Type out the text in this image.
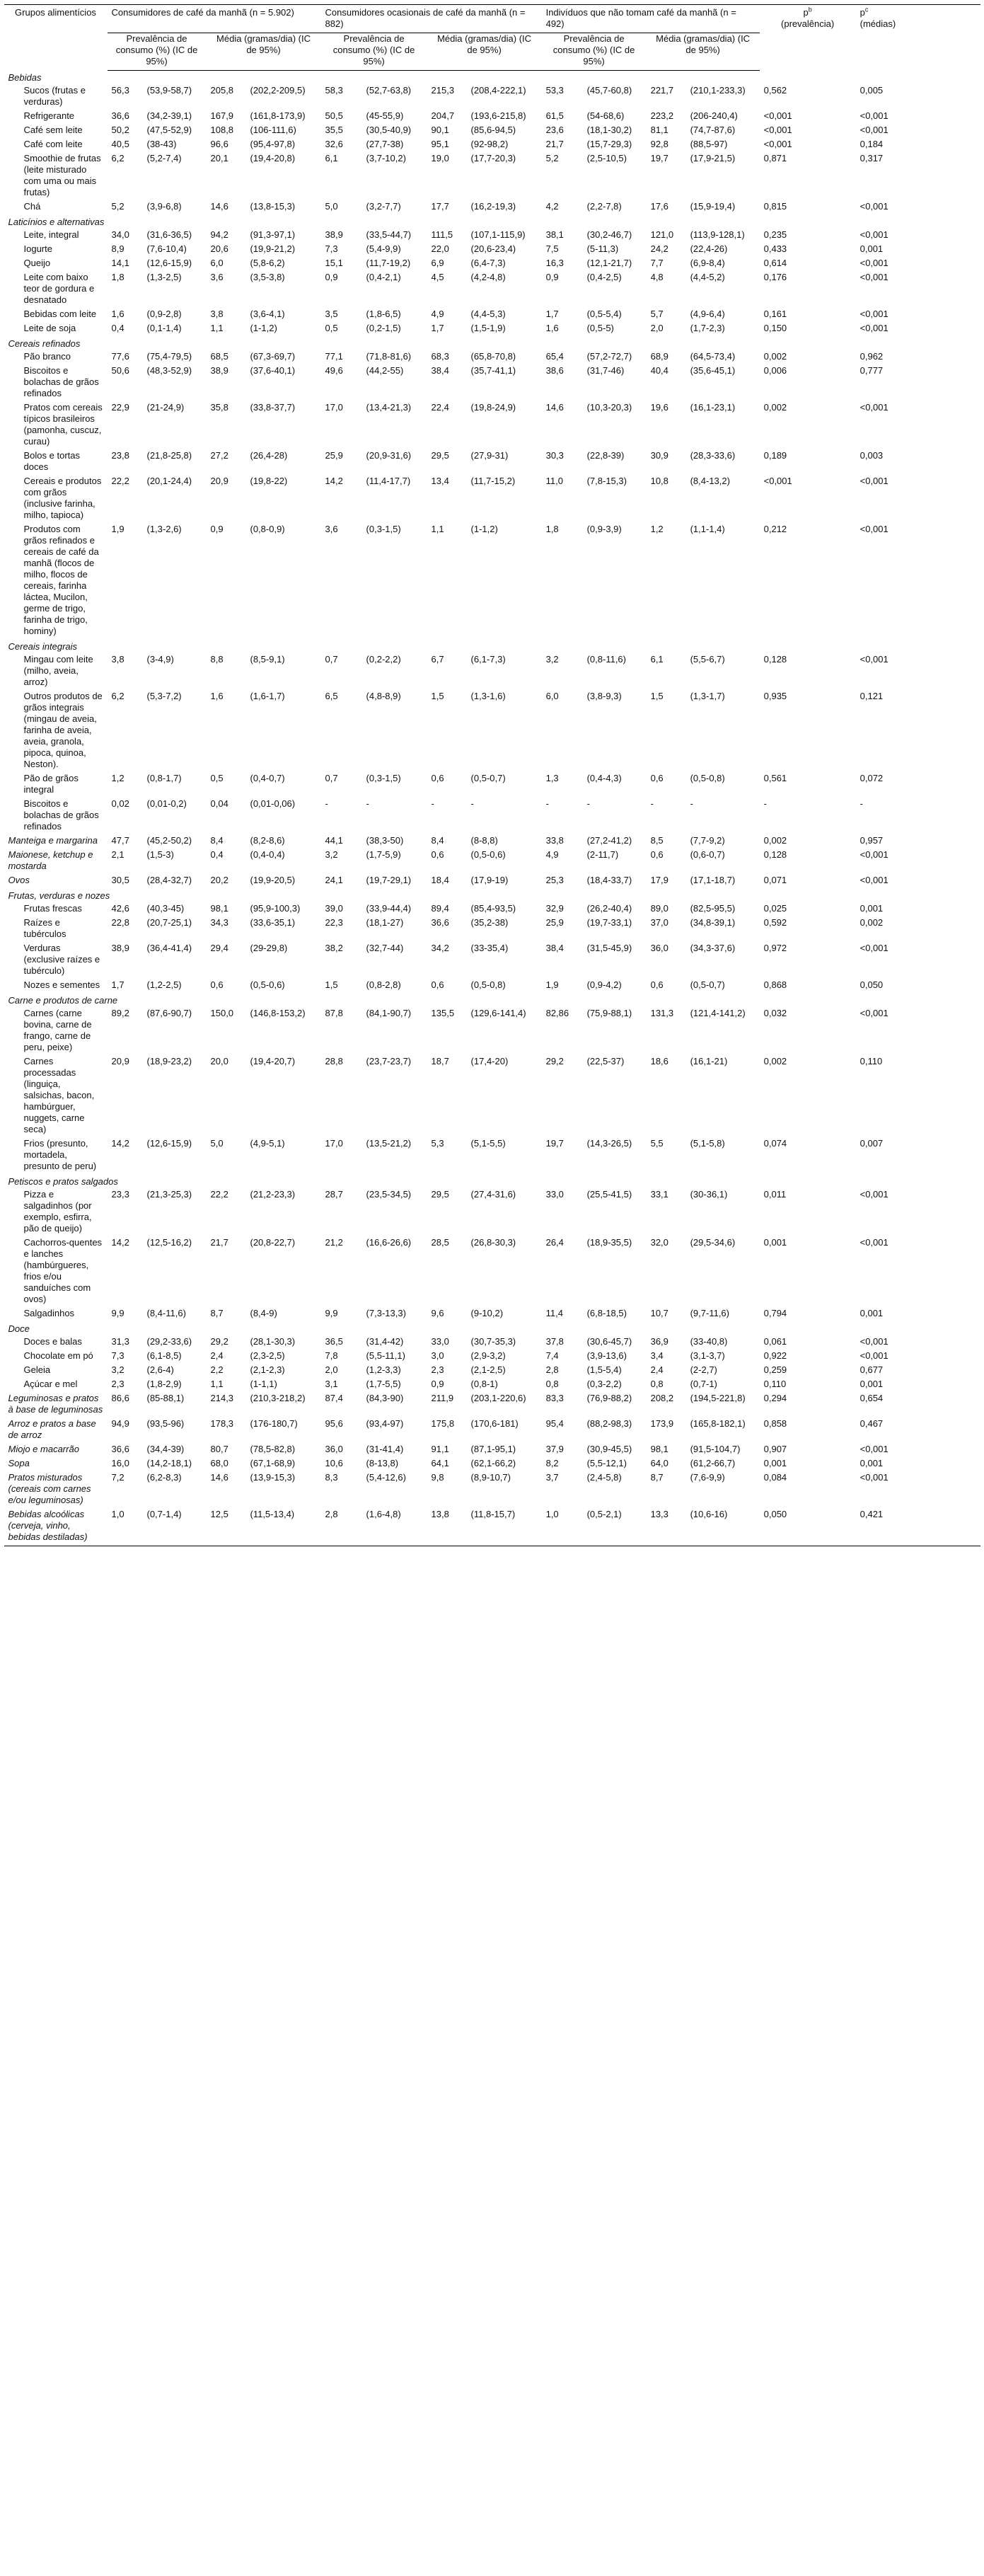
Grupos alimentícios	Consumidores de café da manhã (n = 5.902)				Consumidores ocasionais de café da manhã (n = 882)				Indivíduos que não tomam café da manhã (n = 492)				$p^b$
(prevalência)	$p^c$
(médias)
	Prevalência de consumo (%) (IC de 95%)		Média (gramas/dia) (IC de 95%)		Prevalência de consumo (%) (IC de 95%)		Média (gramas/dia) (IC de 95%)		Prevalência de consumo (%) (IC de 95%)		Média (gramas/dia) (IC de 95%)			
Bebidas														
Sucos (frutas e verduras)	56,3	(53,9-58,7)	205,8	(202,2-209,5)	58,3	(52,7-63,8)	215,3	(208,4-222,1)	53,3	(45,7-60,8)	221,7	(210,1-233,3)	0,562	0,005
Refrigerante	36,6	(34,2-39,1)	167,9	(161,8-173,9)	50,5	(45-55,9)	204,7	(193,6-215,8)	61,5	(54-68,6)	223,2	(206-240,4)	<0,001	<0,001
Café sem leite	50,2	(47,5-52,9)	108,8	(106-111,6)	35,5	(30,5-40,9)	90,1	(85,6-94,5)	23,6	(18,1-30,2)	81,1	(74,7-87,6)	<0,001	<0,001
Café com leite	40,5	(38-43)	96,6	(95,4-97,8)	32,6	(27,7-38)	95,1	(92-98,2)	21,7	(15,7-29,3)	92,8	(88,5-97)	<0,001	0,184
Smoothie de frutas (leite misturado com uma ou mais frutas)	6,2	(5,2-7,4)	20,1	(19,4-20,8)	6,1	(3,7-10,2)	19,0	(17,7-20,3)	5,2	(2,5-10,5)	19,7	(17,9-21,5)	0,871	0,317
Chá	5,2	(3,9-6,8)	14,6	(13,8-15,3)	5,0	(3,2-7,7)	17,7	(16,2-19,3)	4,2	(2,2-7,8)	17,6	(15,9-19,4)	0,815	<0,001
Laticínios e alternativas														
Leite, integral	34,0	(31,6-36,5)	94,2	(91,3-97,1)	38,9	(33,5-44,7)	111,5	(107,1-115,9)	38,1	(30,2-46,7)	121,0	(113,9-128,1)	0,235	<0,001
Iogurte	8,9	(7,6-10,4)	20,6	(19,9-21,2)	7,3	(5,4-9,9)	22,0	(20,6-23,4)	7,5	(5-11,3)	24,2	(22,4-26)	0,433	0,001
Queijo	14,1	(12,6-15,9)	6,0	(5,8-6,2)	15,1	(11,7-19,2)	6,9	(6,4-7,3)	16,3	(12,1-21,7)	7,7	(6,9-8,4)	0,614	<0,001
Leite com baixo teor de gordura e desnatado	1,8	(1,3-2,5)	3,6	(3,5-3,8)	0,9	(0,4-2,1)	4,5	(4,2-4,8)	0,9	(0,4-2,5)	4,8	(4,4-5,2)	0,176	<0,001
Bebidas com leite	1,6	(0,9-2,8)	3,8	(3,6-4,1)	3,5	(1,8-6,5)	4,9	(4,4-5,3)	1,7	(0,5-5,4)	5,7	(4,9-6,4)	0,161	<0,001
Leite de soja	0,4	(0,1-1,4)	1,1	(1-1,2)	0,5	(0,2-1,5)	1,7	(1,5-1,9)	1,6	(0,5-5)	2,0	(1,7-2,3)	0,150	<0,001
Cereais refinados														
Pão branco	77,6	(75,4-79,5)	68,5	(67,3-69,7)	77,1	(71,8-81,6)	68,3	(65,8-70,8)	65,4	(57,2-72,7)	68,9	(64,5-73,4)	0,002	0,962
Biscoitos e bolachas de grãos refinados	50,6	(48,3-52,9)	38,9	(37,6-40,1)	49,6	(44,2-55)	38,4	(35,7-41,1)	38,6	(31,7-46)	40,4	(35,6-45,1)	0,006	0,777
Pratos com cereais típicos brasileiros (pamonha, cuscuz, curau)	22,9	(21-24,9)	35,8	(33,8-37,7)	17,0	(13,4-21,3)	22,4	(19,8-24,9)	14,6	(10,3-20,3)	19,6	(16,1-23,1)	0,002	<0,001
Bolos e tortas doces	23,8	(21,8-25,8)	27,2	(26,4-28)	25,9	(20,9-31,6)	29,5	(27,9-31)	30,3	(22,8-39)	30,9	(28,3-33,6)	0,189	0,003
Cereais e produtos com grãos (inclusive farinha, milho, tapioca)	22,2	(20,1-24,4)	20,9	(19,8-22)	14,2	(11,4-17,7)	13,4	(11,7-15,2)	11,0	(7,8-15,3)	10,8	(8,4-13,2)	<0,001	<0,001
Produtos com grãos refinados e cereais de café da manhã (flocos de milho, flocos de cereais, farinha láctea, Mucilon, germe de trigo, farinha de trigo, hominy)	1,9	(1,3-2,6)	0,9	(0,8-0,9)	3,6	(0,3-1,5)	1,1	(1-1,2)	1,8	(0,9-3,9)	1,2	(1,1-1,4)	0,212	<0,001
Cereais integrais														
Mingau com leite (milho, aveia, arroz)	3,8	(3-4,9)	8,8	(8,5-9,1)	0,7	(0,2-2,2)	6,7	(6,1-7,3)	3,2	(0,8-11,6)	6,1	(5,5-6,7)	0,128	<0,001
Outros produtos de grãos integrais (mingau de aveia, farinha de aveia, aveia, granola, pipoca, quinoa, Neston).	6,2	(5,3-7,2)	1,6	(1,6-1,7)	6,5	(4,8-8,9)	1,5	(1,3-1,6)	6,0	(3,8-9,3)	1,5	(1,3-1,7)	0,935	0,121
Pão de grãos integral	1,2	(0,8-1,7)	0,5	(0,4-0,7)	0,7	(0,3-1,5)	0,6	(0,5-0,7)	1,3	(0,4-4,3)	0,6	(0,5-0,8)	0,561	0,072
Biscoitos e bolachas de grãos refinados	0,02	(0,01-0,2)	0,04	(0,01-0,06)	-	-	-	-	-	-	-	-	-	-
Manteiga e margarina	47,7	(45,2-50,2)	8,4	(8,2-8,6)	44,1	(38,3-50)	8,4	(8-8,8)	33,8	(27,2-41,2)	8,5	(7,7-9,2)	0,002	0,957
Maionese, ketchup e mostarda	2,1	(1,5-3)	0,4	(0,4-0,4)	3,2	(1,7-5,9)	0,6	(0,5-0,6)	4,9	(2-11,7)	0,6	(0,6-0,7)	0,128	<0,001
Ovos	30,5	(28,4-32,7)	20,2	(19,9-20,5)	24,1	(19,7-29,1)	18,4	(17,9-19)	25,3	(18,4-33,7)	17,9	(17,1-18,7)	0,071	<0,001
Frutas, verduras e nozes														
Frutas frescas	42,6	(40,3-45)	98,1	(95,9-100,3)	39,0	(33,9-44,4)	89,4	(85,4-93,5)	32,9	(26,2-40,4)	89,0	(82,5-95,5)	0,025	0,001
Raízes e tubérculos	22,8	(20,7-25,1)	34,3	(33,6-35,1)	22,3	(18,1-27)	36,6	(35,2-38)	25,9	(19,7-33,1)	37,0	(34,8-39,1)	0,592	0,002
Verduras (exclusive raízes e tubérculo)	38,9	(36,4-41,4)	29,4	(29-29,8)	38,2	(32,7-44)	34,2	(33-35,4)	38,4	(31,5-45,9)	36,0	(34,3-37,6)	0,972	<0,001
Nozes e sementes	1,7	(1,2-2,5)	0,6	(0,5-0,6)	1,5	(0,8-2,8)	0,6	(0,5-0,8)	1,9	(0,9-4,2)	0,6	(0,5-0,7)	0,868	0,050
Carne e produtos de carne														
Carnes (carne bovina, carne de frango, carne de peru, peixe)	89,2	(87,6-90,7)	150,0	(146,8-153,2)	87,8	(84,1-90,7)	135,5	(129,6-141,4)	82,86	(75,9-88,1)	131,3	(121,4-141,2)	0,032	<0,001
Carnes processadas (linguiça, salsichas, bacon, hambúrguer, nuggets, carne seca)	20,9	(18,9-23,2)	20,0	(19,4-20,7)	28,8	(23,7-23,7)	18,7	(17,4-20)	29,2	(22,5-37)	18,6	(16,1-21)	0,002	0,110
Frios (presunto, mortadela, presunto de peru)	14,2	(12,6-15,9)	5,0	(4,9-5,1)	17,0	(13,5-21,2)	5,3	(5,1-5,5)	19,7	(14,3-26,5)	5,5	(5,1-5,8)	0,074	0,007
Petiscos e pratos salgados														
Pizza e salgadinhos (por exemplo, esfirra, pão de queijo)	23,3	(21,3-25,3)	22,2	(21,2-23,3)	28,7	(23,5-34,5)	29,5	(27,4-31,6)	33,0	(25,5-41,5)	33,1	(30-36,1)	0,011	<0,001
Cachorros-quentes e lanches (hambúrgueres, frios e/ou sanduíches com ovos)	14,2	(12,5-16,2)	21,7	(20,8-22,7)	21,2	(16,6-26,6)	28,5	(26,8-30,3)	26,4	(18,9-35,5)	32,0	(29,5-34,6)	0,001	<0,001
Salgadinhos	9,9	(8,4-11,6)	8,7	(8,4-9)	9,9	(7,3-13,3)	9,6	(9-10,2)	11,4	(6,8-18,5)	10,7	(9,7-11,6)	0,794	0,001
Doce														
Doces e balas	31,3	(29,2-33,6)	29,2	(28,1-30,3)	36,5	(31,4-42)	33,0	(30,7-35,3)	37,8	(30,6-45,7)	36,9	(33-40,8)	0,061	<0,001
Chocolate em pó	7,3	(6,1-8,5)	2,4	(2,3-2,5)	7,8	(5,5-11,1)	3,0	(2,9-3,2)	7,4	(3,9-13,6)	3,4	(3,1-3,7)	0,922	<0,001
Geleia	3,2	(2,6-4)	2,2	(2,1-2,3)	2,0	(1,2-3,3)	2,3	(2,1-2,5)	2,8	(1,5-5,4)	2,4	(2-2,7)	0,259	0,677
Açúcar e mel	2,3	(1,8-2,9)	1,1	(1-1,1)	3,1	(1,7-5,5)	0,9	(0,8-1)	0,8	(0,3-2,2)	0,8	(0,7-1)	0,110	0,001
Leguminosas e pratos à base de leguminosas	86,6	(85-88,1)	214,3	(210,3-218,2)	87,4	(84,3-90)	211,9	(203,1-220,6)	83,3	(76,9-88,2)	208,2	(194,5-221,8)	0,294	0,654
Arroz e pratos a base de arroz	94,9	(93,5-96)	178,3	(176-180,7)	95,6	(93,4-97)	175,8	(170,6-181)	95,4	(88,2-98,3)	173,9	(165,8-182,1)	0,858	0,467
Miojo e macarrão	36,6	(34,4-39)	80,7	(78,5-82,8)	36,0	(31-41,4)	91,1	(87,1-95,1)	37,9	(30,9-45,5)	98,1	(91,5-104,7)	0,907	<0,001
Sopa	16,0	(14,2-18,1)	68,0	(67,1-68,9)	10,6	(8-13,8)	64,1	(62,1-66,2)	8,2	(5,5-12,1)	64,0	(61,2-66,7)	0,001	0,001
Pratos misturados (cereais com carnes e/ou leguminosas)	7,2	(6,2-8,3)	14,6	(13,9-15,3)	8,3	(5,4-12,6)	9,8	(8,9-10,7)	3,7	(2,4-5,8)	8,7	(7,6-9,9)	0,084	<0,001
Bebidas alcoólicas (cerveja, vinho, bebidas destiladas)	1,0	(0,7-1,4)	12,5	(11,5-13,4)	2,8	(1,6-4,8)	13,8	(11,8-15,7)	1,0	(0,5-2,1)	13,3	(10,6-16)	0,050	0,421
